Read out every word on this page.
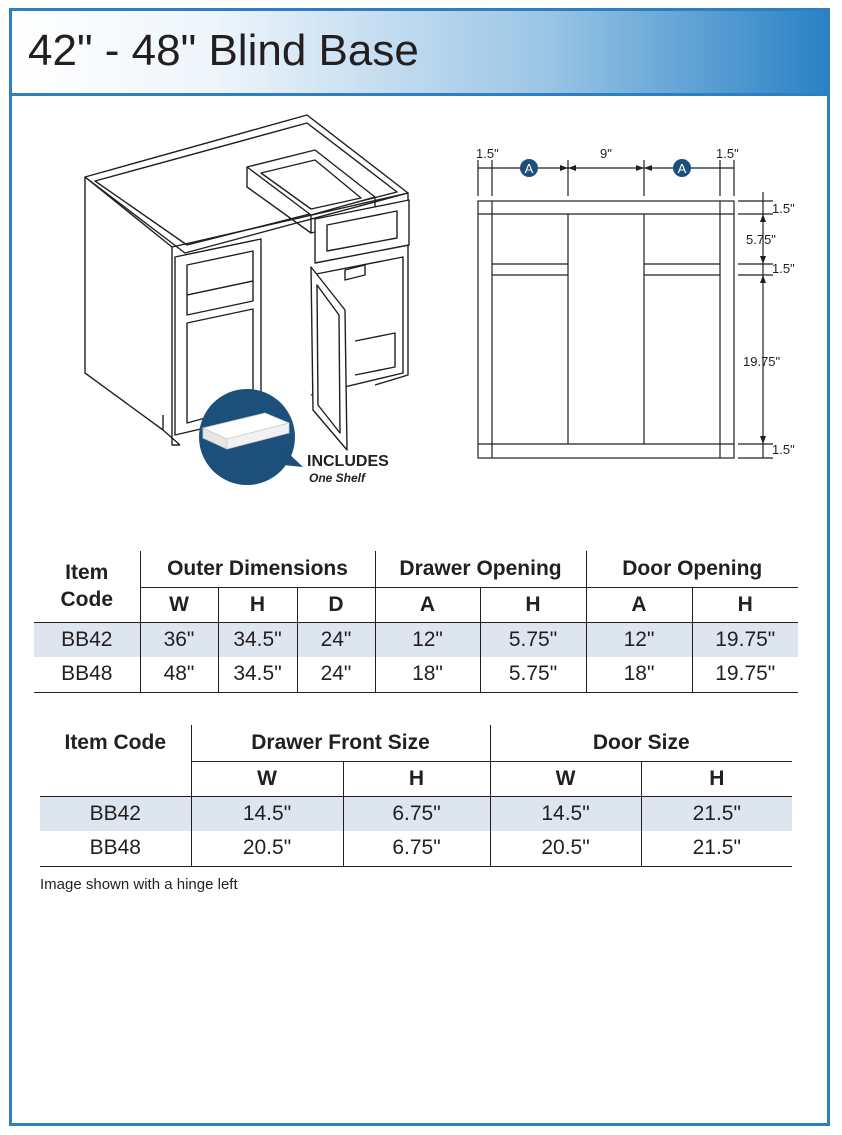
42" - 48" Blind Base
INCLUDES
One Shelf
A	A
1.5"	9"	1.5"
1.5"
5.75"
1.5"
19.75"
1.5"
Item
Code	Outer Dimensions			Drawer Opening		Door Opening	
	W	H	D	A	H	A	H
BB42	36"	34.5"	24"	12"	5.75"	12"	19.75"
BB48	48"	34.5"	24"	18"	5.75"	18"	19.75"
Item Code	Drawer Front Size		Door Size	
	W	H	W	H
BB42	14.5"	6.75"	14.5"	21.5"
BB48	20.5"	6.75"	20.5"	21.5"
Image shown with a hinge left
